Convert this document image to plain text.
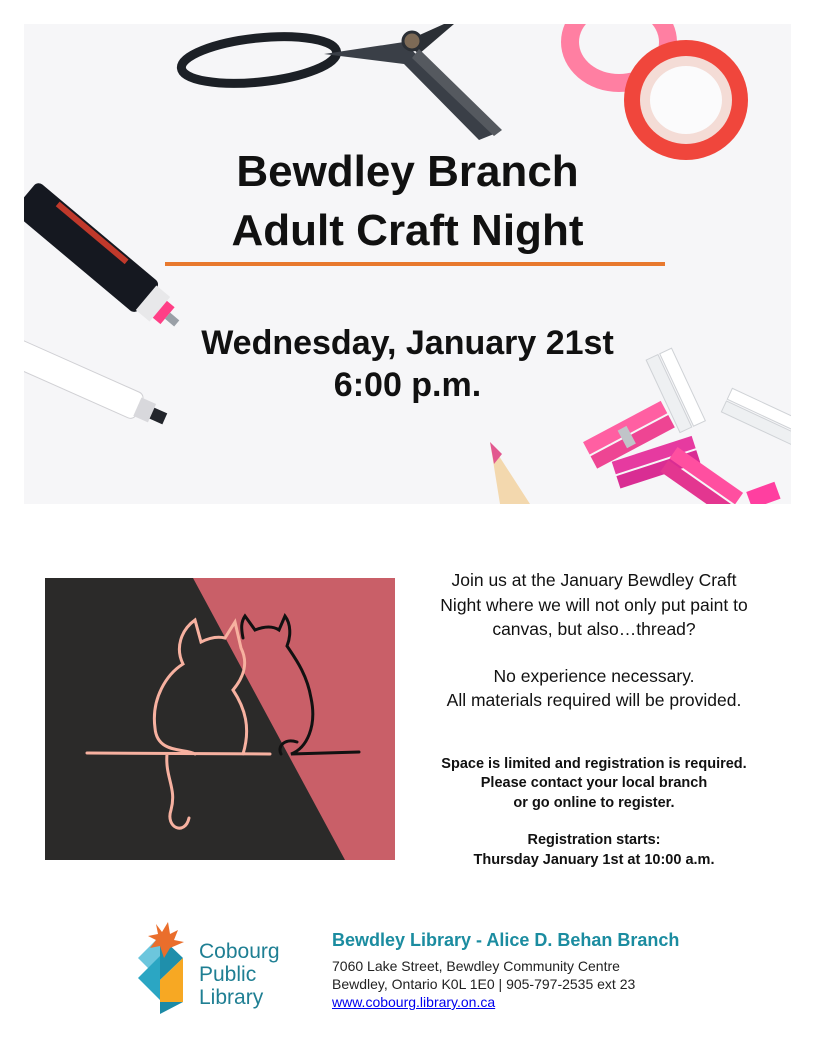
Bewdley Branch
Adult Craft Night
Wednesday, January 21st
6:00 p.m.
Join us at the January Bewdley Craft
Night where we will not only put paint to
canvas, but also…thread?
No experience necessary.
All materials required will be provided.
Space is limited and registration is required.
Please contact your local branch
or go online to register.
Registration starts:
Thursday January 1st at 10:00 a.m.
Cobourg
Public
Library
Bewdley Library - Alice D. Behan Branch
7060 Lake Street, Bewdley Community Centre
Bewdley, Ontario K0L 1E0 | 905-797-2535 ext 23
www.cobourg.library.on.ca
